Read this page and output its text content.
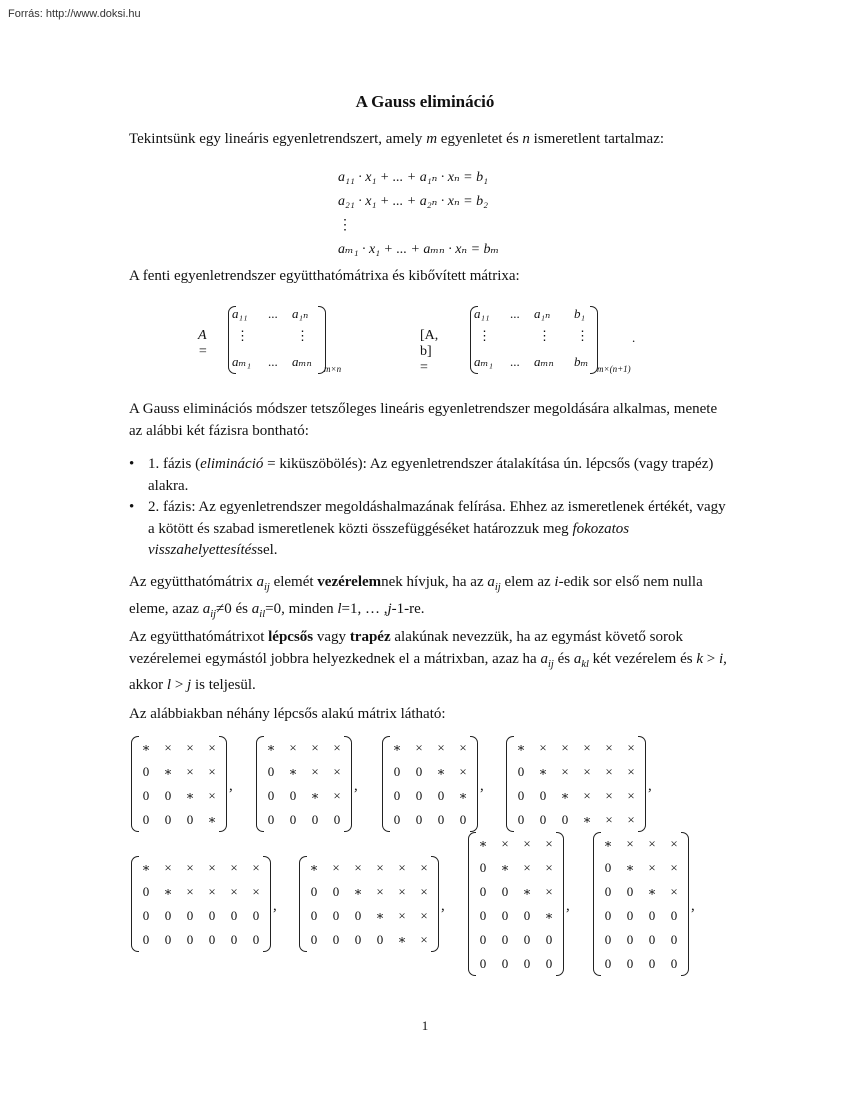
Forrás: http://www.doksi.hu
A Gauss elimináció
Tekintsünk egy lineáris egyenletrendszert, amely m egyenletet és n ismeretlent tartalmaz:
a₁₁ · x₁ + ... + a₁ₙ · xₙ = b₁
a₂₁ · x₁ + ... + a₂ₙ · xₙ = b₂
⋮
aₘ₁ · x₁ + ... + aₘₙ · xₙ = bₘ
A fenti egyenletrendszer együtthatómátrixa és kibővített mátrixa:
A =
a₁₁ ... a₁ₙ
⋮	⋮
aₘ₁ ... aₘₙ m×n
[A, b] =
a₁₁ ... a₁ₙ b₁
⋮	⋮ ⋮
aₘ₁ ... aₘₙ bₘ m×(n+1)
.
A Gauss eliminációs módszer tetszőleges lineáris egyenletrendszer megoldására alkalmas, menete az alábbi két fázisra bontható:
• 1. fázis (elimináció = kiküszöbölés): Az egyenletrendszer átalakítása ún. lépcsős (vagy trapéz) alakra.
• 2. fázis: Az egyenletrendszer megoldáshalmazának felírása. Ehhez az ismeretlenek értékét, vagy a kötött és szabad ismeretlenek közti összefüggéséket határozzuk meg fokozatos visszahelyettesítéssel.
Az együtthatómátrix $a_{ij}$ elemét vezérelemnek hívjuk, ha az $a_{ij}$ elem az i-edik sor első nem nulla eleme, azaz $a_{ij}\ne 0$ és $a_{il}=0$, minden l=1, … ,j-1-re.
Az együtthatómátrixot lépcsős vagy trapéz alakúnak nevezzük, ha az egymást követő sorok vezérelemei egymástól jobbra helyezkednek el a mátrixban, azaz ha $a_{ij}$ és $a_{kl}$ két vezérelem és k > i, akkor l > j is teljesül.
Az alábbiakban néhány lépcsős alakú mátrix látható:
∗	×	×	×
0	∗	×	×
0	0	∗	×
0	0	0	∗
,
∗	×	×	×
0	∗	×	×
0	0	∗	×
0	0	0	0
,
∗	×	×	×
0	0	∗	×
0	0	0	∗
0	0	0	0
,
∗	×	×	×	×	×
0	∗	×	×	×	×
0	0	∗	×	×	×
0	0	0	∗	×	×
,
∗	×	×	×	×	×
0	∗	×	×	×	×
0	0	0	0	0	0
0	0	0	0	0	0
,
∗	×	×	×	×	×
0	0	∗	×	×	×
0	0	0	∗	×	×
0	0	0	0	∗	×
,
∗	×	×	×
0	∗	×	×
0	0	∗	×
0	0	0	∗
0	0	0	0
0	0	0	0
,
∗	×	×	×
0	∗	×	×
0	0	∗	×
0	0	0	0
0	0	0	0
0	0	0	0
,
1
